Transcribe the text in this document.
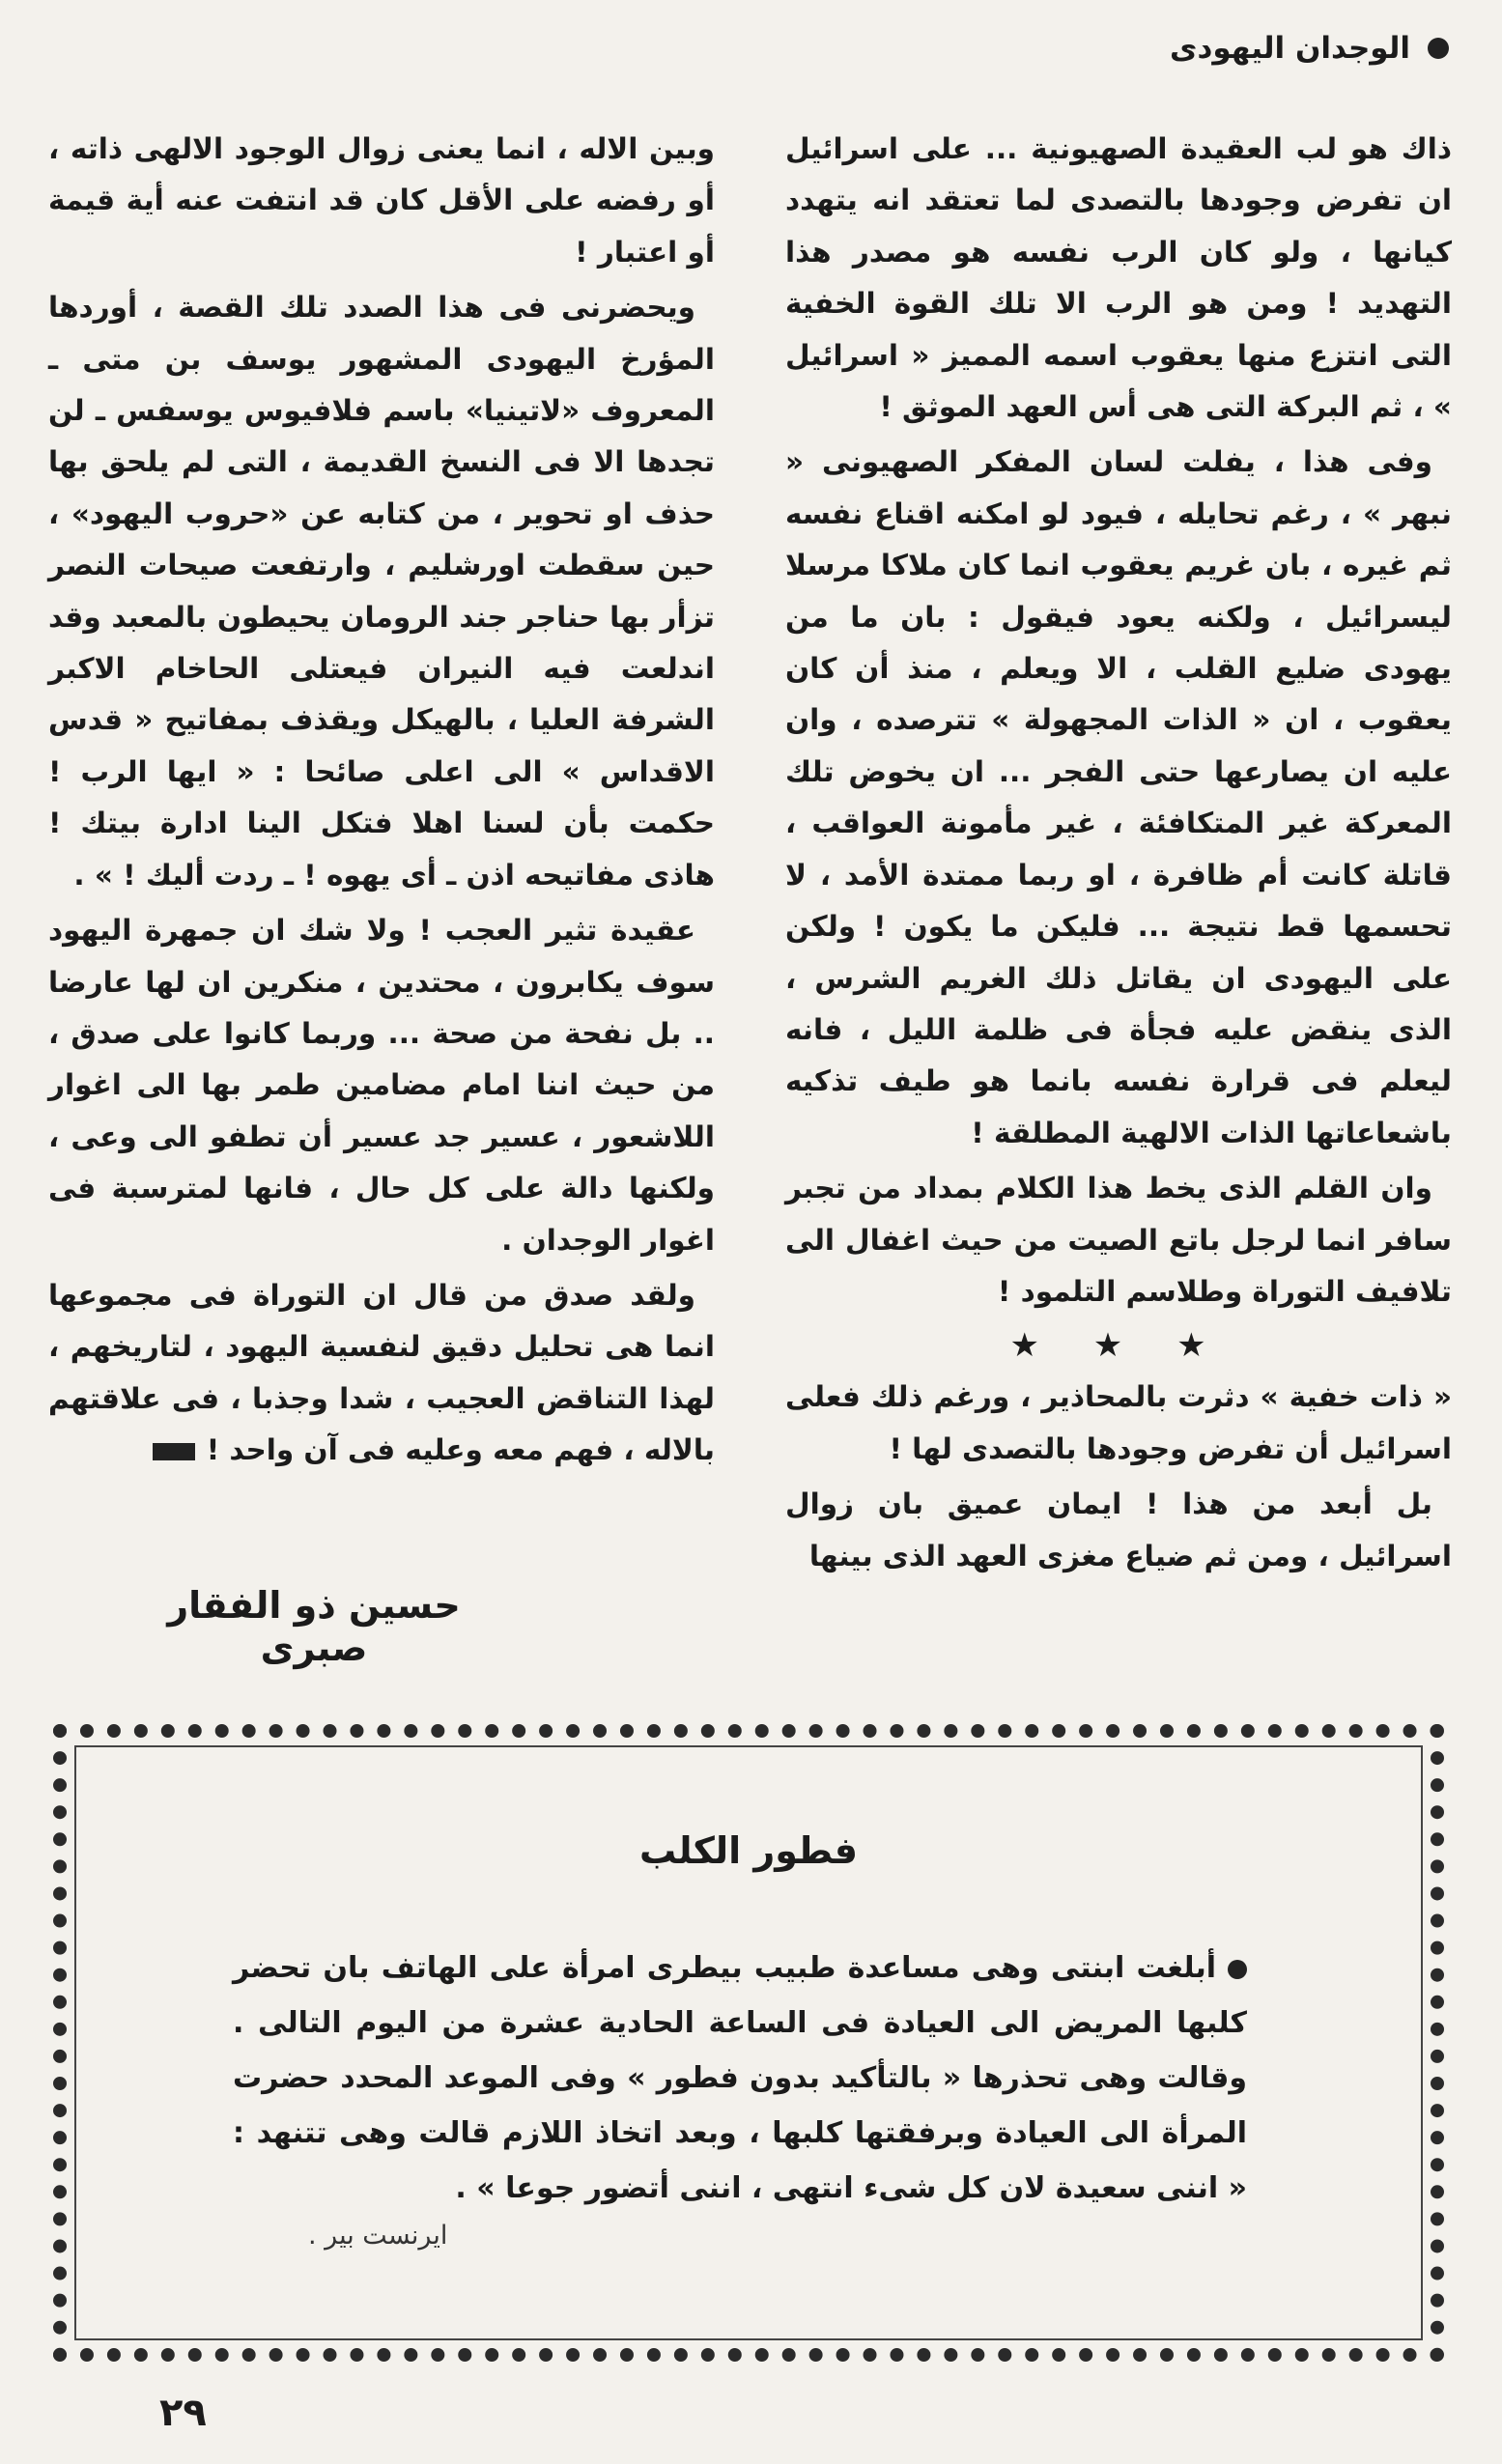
الوجدان اليهودى

ذاك هو لب العقيدة الصهيونية ... على اسرائيل ان تفرض وجودها بالتصدى لما تعتقد انه يتهدد كيانها ، ولو كان الرب نفسه هو مصدر هذا التهديد ! ومن هو الرب الا تلك القوة الخفية التى انتزع منها يعقوب اسمه المميز « اسرائيل » ، ثم البركة التى هى أس العهد الموثق !

وفى هذا ، يفلت لسان المفكر الصهيونى « نبهر » ، رغم تحايله ، فيود لو امكنه اقناع نفسه ثم غيره ، بان غريم يعقوب انما كان ملاكا مرسلا ليسرائيل ، ولكنه يعود فيقول : بان ما من يهودى ضليع القلب ، الا ويعلم ، منذ أن كان يعقوب ، ان « الذات المجهولة » تترصده ، وان عليه ان يصارعها حتى الفجر ... ان يخوض تلك المعركة غير المتكافئة ، غير مأمونة العواقب ، قاتلة كانت أم ظافرة ، او ربما ممتدة الأمد ، لا تحسمها قط نتيجة ... فليكن ما يكون ! ولكن على اليهودى ان يقاتل ذلك الغريم الشرس ، الذى ينقض عليه فجأة فى ظلمة الليل ، فانه ليعلم فى قرارة نفسه بانما هو طيف تذكيه باشعاعاتها الذات الالهية المطلقة !

وان القلم الذى يخط هذا الكلام بمداد من تجبر سافر انما لرجل باتع الصيت من حيث اغفال الى تلافيف التوراة وطلاسم التلمود !

★ ★ ★

« ذات خفية » دثرت بالمحاذير ، ورغم ذلك فعلى اسرائيل أن تفرض وجودها بالتصدى لها !

بل أبعد من هذا ! ايمان عميق بان زوال اسرائيل ، ومن ثم ضياع مغزى العهد الذى بينها

وبين الاله ، انما يعنى زوال الوجود الالهى ذاته ، أو رفضه على الأقل كان قد انتفت عنه أية قيمة أو اعتبار !

ويحضرنى فى هذا الصدد تلك القصة ، أوردها المؤرخ اليهودى المشهور يوسف بن متى ـ المعروف «لاتينيا» باسم فلافيوس يوسفس ـ لن تجدها الا فى النسخ القديمة ، التى لم يلحق بها حذف او تحوير ، من كتابه عن «حروب اليهود» ، حين سقطت اورشليم ، وارتفعت صيحات النصر تزأر بها حناجر جند الرومان يحيطون بالمعبد وقد اندلعت فيه النيران فيعتلى الحاخام الاكبر الشرفة العليا ، بالهيكل ويقذف بمفاتيح « قدس الاقداس » الى اعلى صائحا : « ايها الرب ! حكمت بأن لسنا اهلا فتكل الينا ادارة بيتك ! هاذى مفاتيحه اذن ـ أى يهوه ! ـ ردت أليك ! » .

عقيدة تثير العجب ! ولا شك ان جمهرة اليهود سوف يكابرون ، محتدين ، منكرين ان لها عارضا .. بل نفحة من صحة ... وربما كانوا على صدق ، من حيث اننا امام مضامين طمر بها الى اغوار اللاشعور ، عسير جد عسير أن تطفو الى وعى ، ولكنها دالة على كل حال ، فانها لمترسبة فى اغوار الوجدان .

ولقد صدق من قال ان التوراة فى مجموعها انما هى تحليل دقيق لنفسية اليهود ، لتاريخهم ، لهذا التناقض العجيب ، شدا وجذبا ، فى علاقتهم بالاله ، فهم معه وعليه فى آن واحد !

حسين ذو الفقار صبرى
فطور الكلب
أبلغت ابنتى وهى مساعدة طبيب بيطرى امرأة على الهاتف بان تحضر كلبها المريض الى العيادة فى الساعة الحادية عشرة من اليوم التالى . وقالت وهى تحذرها « بالتأكيد بدون فطور » وفى الموعد المحدد حضرت المرأة الى العيادة وبرفقتها كلبها ، وبعد اتخاذ اللازم قالت وهى تتنهد : « اننى سعيدة لان كل شىء انتهى ، اننى أتضور جوعا » .
ايرنست بير .
٢٩
